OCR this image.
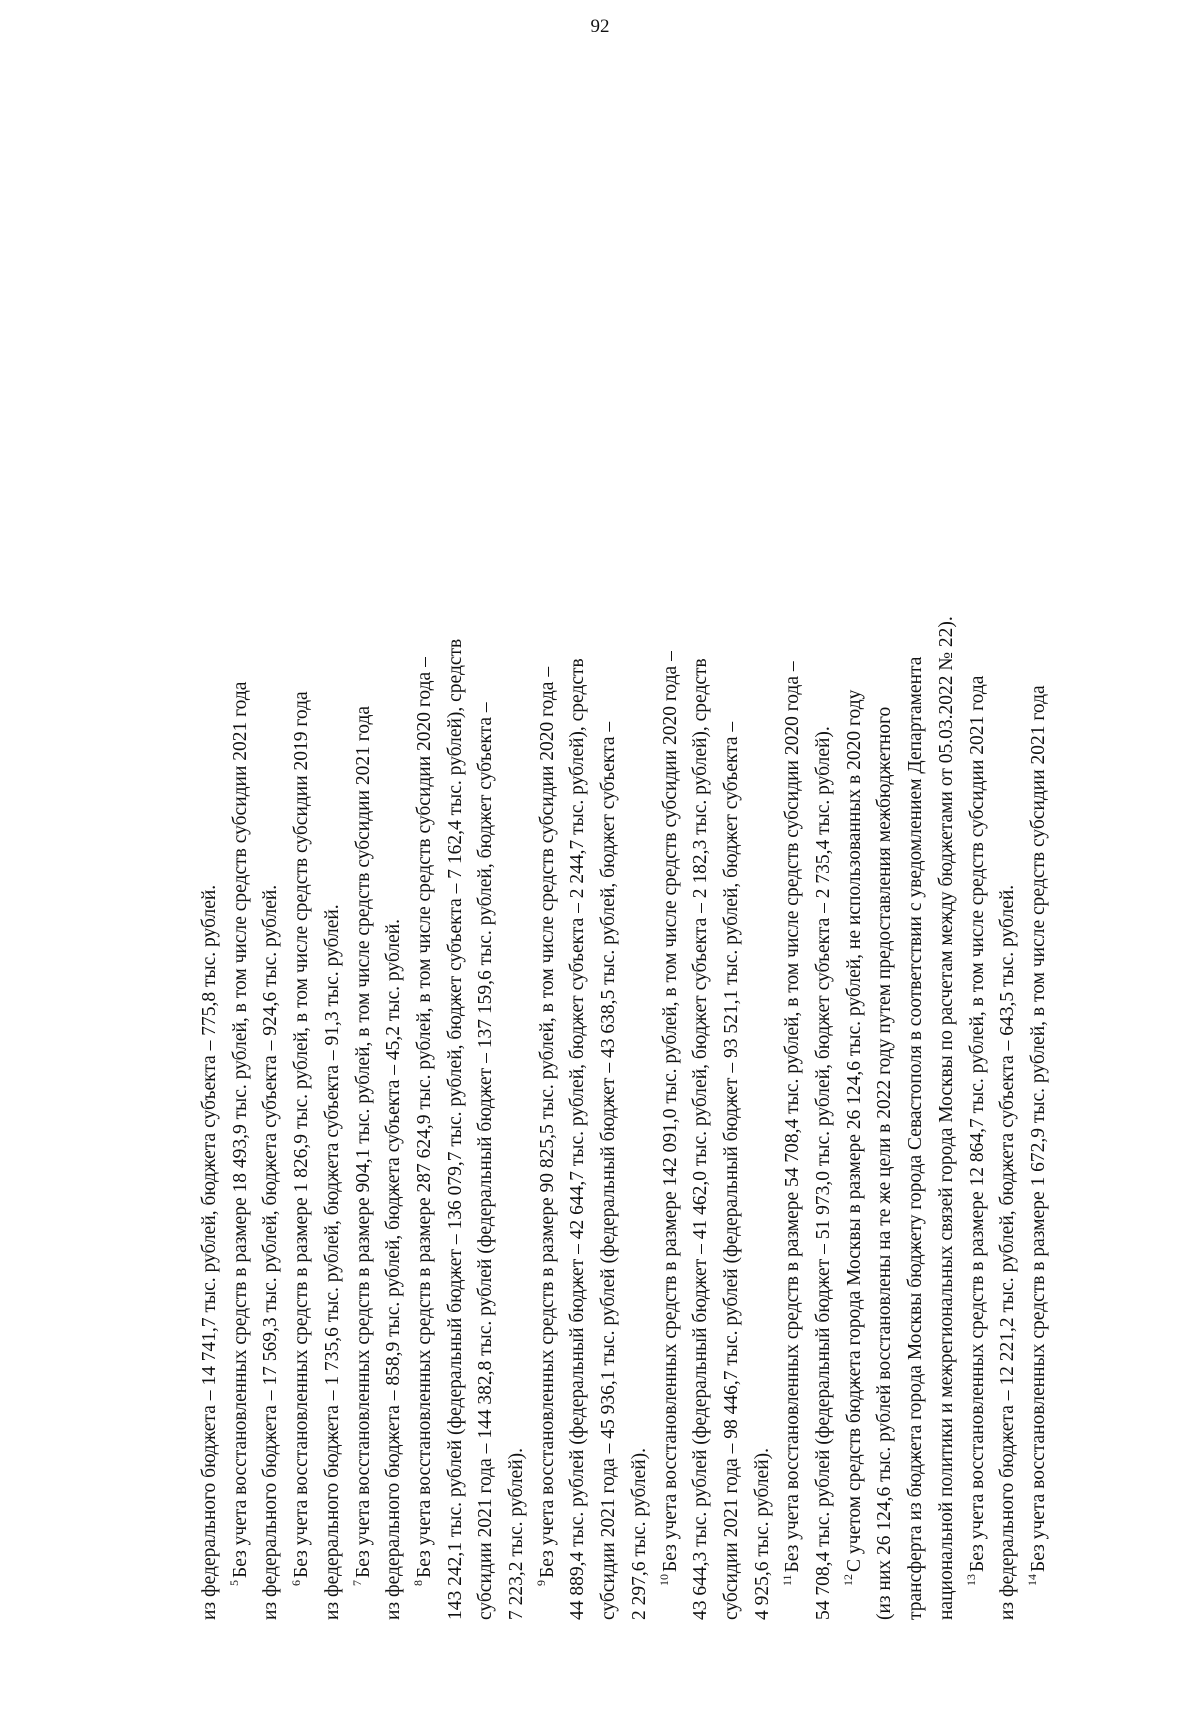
92
из федерального бюджета – 14 741,7 тыс. рублей, бюджета субъекта – 775,8 тыс. рублей. $^5$Без учета восстановленных средств в размере 18 493,9 тыс. рублей, в том числе средств субсидии 2021 года из федерального бюджета – 17 569,3 тыс. рублей, бюджета субъекта – 924,6 тыс. рублей. $^6$Без учета восстановленных средств в размере 1 826,9 тыс. рублей, в том числе средств субсидии 2019 года из федерального бюджета – 1 735,6 тыс. рублей, бюджета субъекта – 91,3 тыс. рублей. $^7$Без учета восстановленных средств в размере 904,1 тыс. рублей, в том числе средств субсидии 2021 года из федерального бюджета – 858,9 тыс. рублей, бюджета субъекта – 45,2 тыс. рублей. $^8$Без учета восстановленных средств в размере 287 624,9 тыс. рублей, в том числе средств субсидии 2020 года – 143 242,1 тыс. рублей (федеральный бюджет – 136 079,7 тыс. рублей, бюджет субъекта – 7 162,4 тыс. рублей), средств субсидии 2021 года – 144 382,8 тыс. рублей (федеральный бюджет – 137 159,6 тыс. рублей, бюджет субъекта – 7 223,2 тыс. рублей). $^9$Без учета восстановленных средств в размере 90 825,5 тыс. рублей, в том числе средств субсидии 2020 года – 44 889,4 тыс. рублей (федеральный бюджет – 42 644,7 тыс. рублей, бюджет субъекта – 2 244,7 тыс. рублей), средств субсидии 2021 года – 45 936,1 тыс. рублей (федеральный бюджет – 43 638,5 тыс. рублей, бюджет субъекта – 2 297,6 тыс. рублей). $^{10}$Без учета восстановленных средств в размере 142 091,0 тыс. рублей, в том числе средств субсидии 2020 года – 43 644,3 тыс. рублей (федеральный бюджет – 41 462,0 тыс. рублей, бюджет субъекта – 2 182,3 тыс. рублей), средств субсидии 2021 года – 98 446,7 тыс. рублей (федеральный бюджет – 93 521,1 тыс. рублей, бюджет субъекта – 4 925,6 тыс. рублей). $^{11}$Без учета восстановленных средств в размере 54 708,4 тыс. рублей, в том числе средств субсидии 2020 года – 54 708,4 тыс. рублей (федеральный бюджет – 51 973,0 тыс. рублей, бюджет субъекта – 2 735,4 тыс. рублей). $^{12}$С учетом средств бюджета города Москвы в размере 26 124,6 тыс. рублей, не использованных в 2020 году (из них 26 124,6 тыс. рублей восстановлены на те же цели в 2022 году путем предоставления межбюджетного трансферта из бюджета города Москвы бюджету города Севастополя в соответствии с уведомлением Департамента национальной политики и межрегиональных связей города Москвы по расчетам между бюджетами от 05.03.2022 № 22). $^{13}$Без учета восстановленных средств в размере 12 864,7 тыс. рублей, в том числе средств субсидии 2021 года из федерального бюджета – 12 221,2 тыс. рублей, бюджета субъекта – 643,5 тыс. рублей. $^{14}$Без учета восстановленных средств в размере 1 672,9 тыс. рублей, в том числе средств субсидии 2021 года
